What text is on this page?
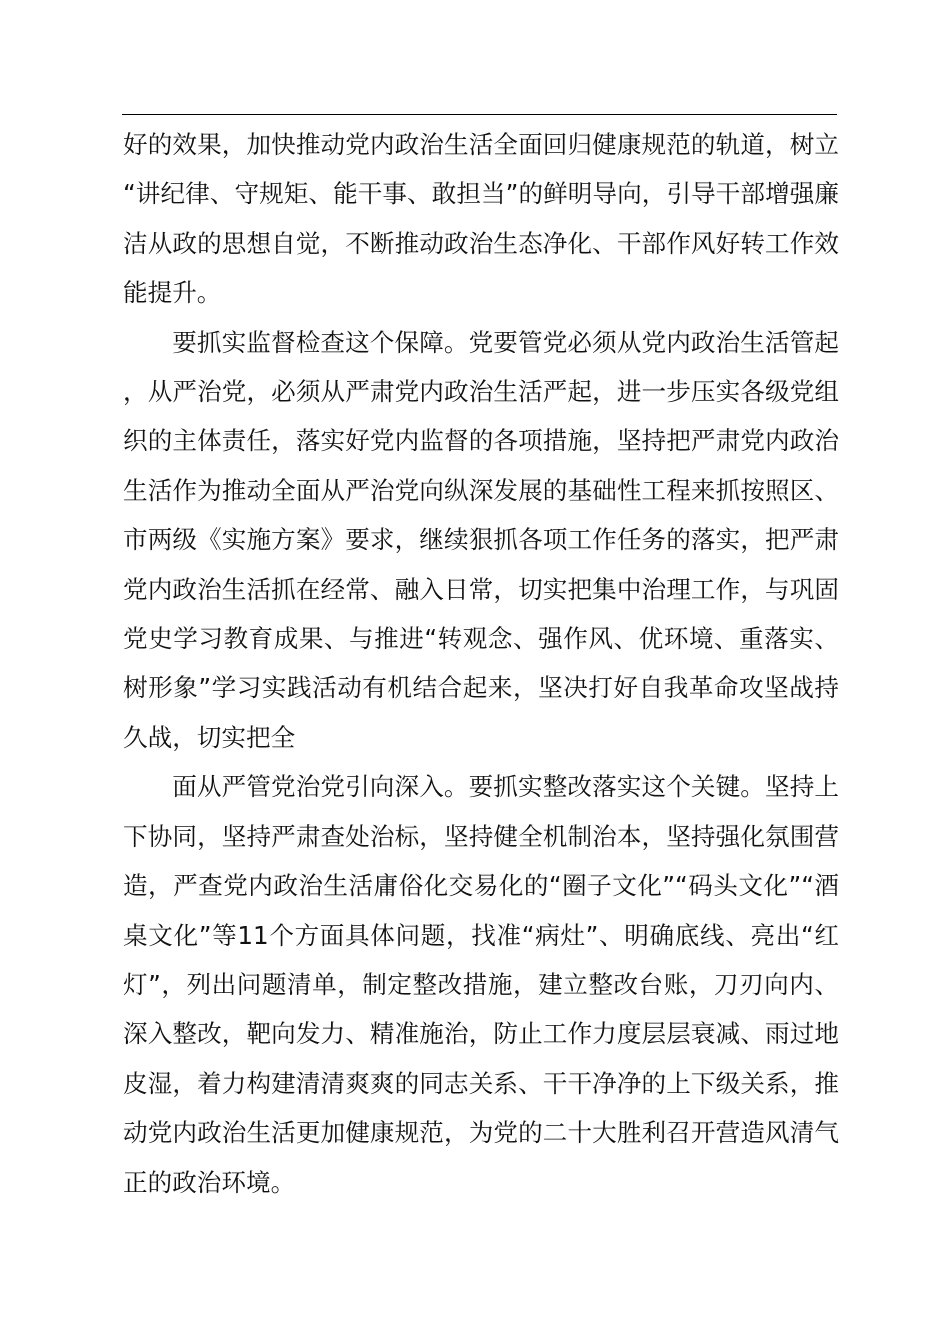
好的效果，加快推动党内政治生活全面回归健康规范的轨道，树立“讲纪律、守规矩、能干事、敢担当”的鲜明导向，引导干部增强廉洁从政的思想自觉，不断推动政治生态净化、干部作风好转工作效能提升。

要抓实监督检查这个保障。党要管党必须从党内政治生活管起，从严治党，必须从严肃党内政治生活严起，进一步压实各级党组织的主体责任，落实好党内监督的各项措施，坚持把严肃党内政治生活作为推动全面从严治党向纵深发展的基础性工程来抓按照区、市两级《实施方案》要求，继续狠抓各项工作任务的落实，把严肃党内政治生活抓在经常、融入日常，切实把集中治理工作，与巩固党史学习教育成果、与推进“转观念、强作风、优环境、重落实、树形象”学习实践活动有机结合起来，坚决打好自我革命攻坚战持久战，切实把全

面从严管党治党引向深入。要抓实整改落实这个关键。坚持上下协同，坚持严肃查处治标，坚持健全机制治本，坚持强化氛围营造，严查党内政治生活庸俗化交易化的“圈子文化”“码头文化”“酒桌文化”等11个方面具体问题，找准“病灶”、明确底线、亮出“红灯”，列出问题清单，制定整改措施，建立整改台账，刀刃向内、深入整改，靶向发力、精准施治，防止工作力度层层衰减、雨过地皮湿，着力构建清清爽爽的同志关系、干干净净的上下级关系，推动党内政治生活更加健康规范，为党的二十大胜利召开营造风清气正的政治环境。
